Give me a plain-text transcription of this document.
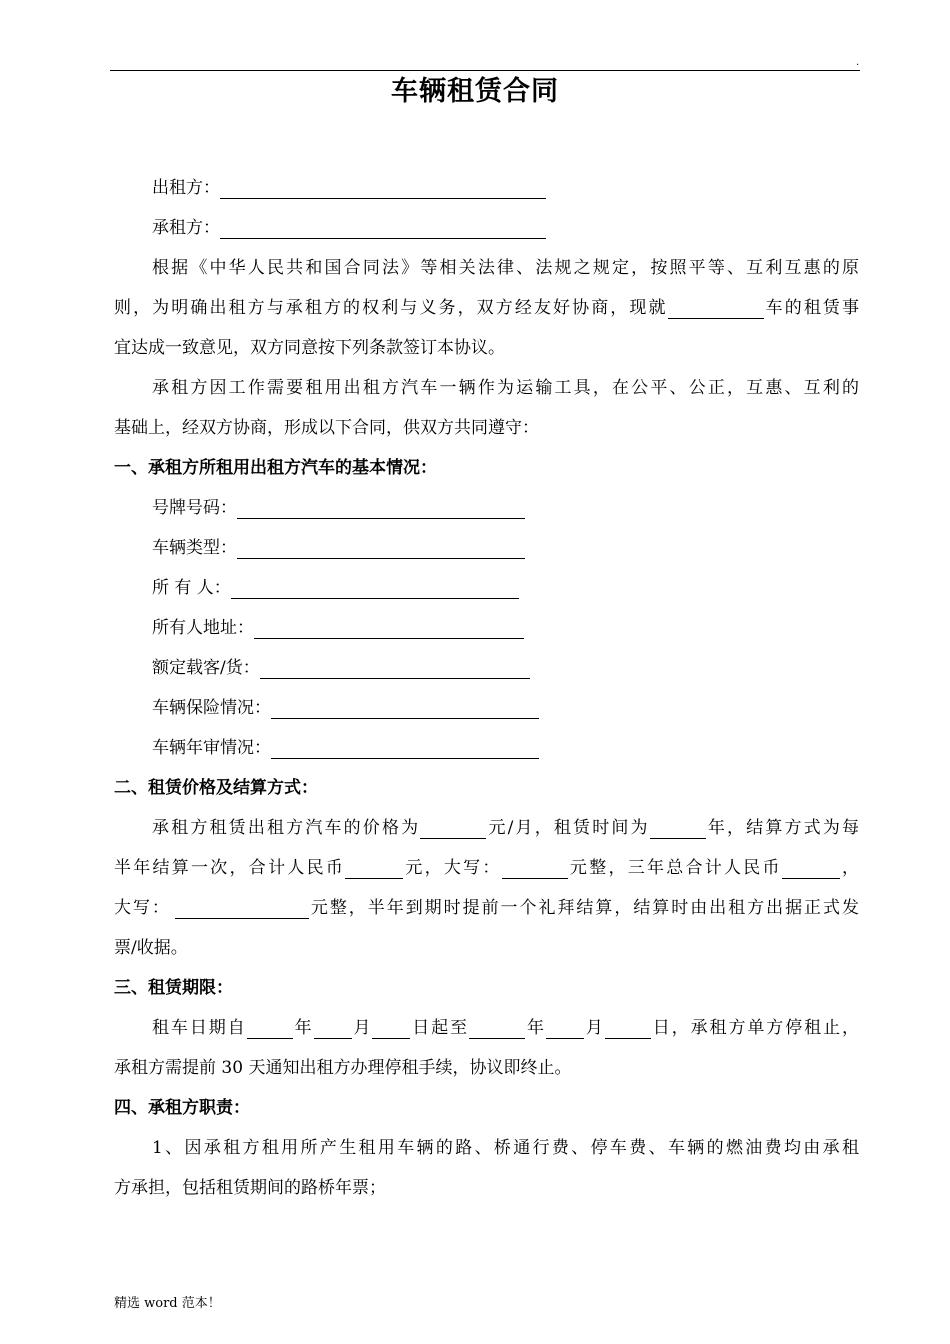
.
车辆租赁合同
出租方：
承租方：
根据《中华人民共和国合同法》等相关法律、法规之规定，按照平等、互利互惠的原
则，为明确出租方与承租方的权利与义务，双方经友好协商，现就	车的租赁事
宜达成一致意见，双方同意按下列条款签订本协议。
承租方因工作需要租用出租方汽车一辆作为运输工具，在公平、公正，互惠、互利的
基础上，经双方协商，形成以下合同，供双方共同遵守：
一、承租方所租用出租方汽车的基本情况：
号牌号码：
车辆类型：
所 有 人：
所有人地址：
额定载客/货：
车辆保险情况：
车辆年审情况：
二、租赁价格及结算方式：
承租方租赁出租方汽车的价格为	元/月，租赁时间为	年，结算方式为每
半年结算一次，合计人民币	元，大写：	元整，三年总合计人民币	，
大写：	元整，半年到期时提前一个礼拜结算，结算时由出租方出据正式发
票/收据。
三、租赁期限：
租车日期自	年 月 日起至	年 月	日，承租方单方停租止，
承租方需提前 30 天通知出租方办理停租手续，协议即终止。
四、承租方职责：
1、因承租方租用所产生租用车辆的路、桥通行费、停车费、车辆的燃油费均由承租
方承担，包括租赁期间的路桥年票；
精选 word 范本！
